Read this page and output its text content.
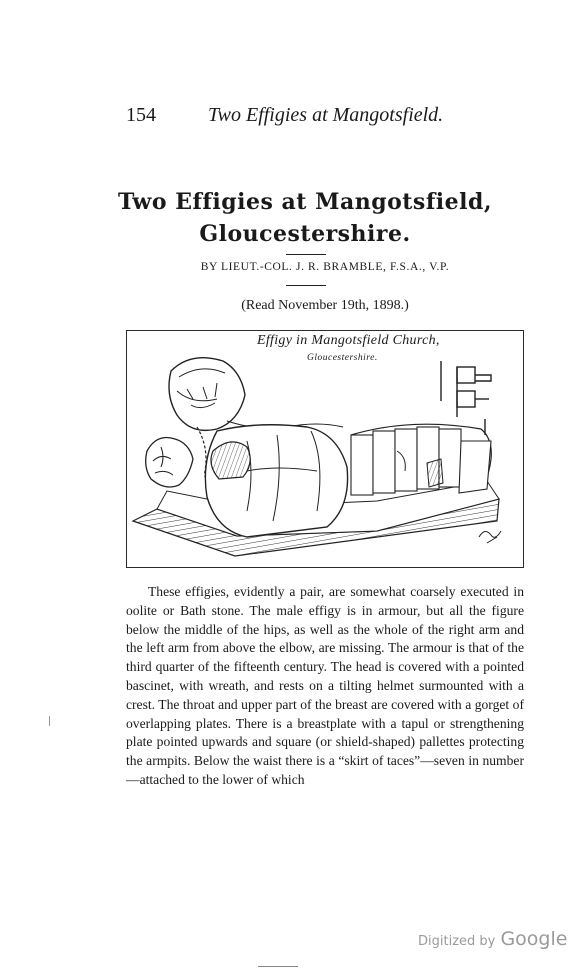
154	Two Effigies at Mangotsfield.
Two Effigies at Mangotsfield,
Gloucestershire.
BY LIEUT.-COL. J. R. BRAMBLE, F.S.A., V.P.
(Read November 19th, 1898.)
Effigy in Mangotsfield Church,
Gloucestershire.

These effigies, evidently a pair, are somewhat coarsely executed in oolite or Bath stone. The male effigy is in armour, but all the figure below the middle of the hips, as well as the whole of the right arm and the left arm from above the elbow, are missing. The armour is that of the third quarter of the fifteenth century. The head is covered with a pointed bascinet, with wreath, and rests on a tilting helmet surmounted with a crest. The throat and upper part of the breast are covered with a gorget of overlapping plates. There is a breastplate with a tapul or strengthening plate pointed upwards and square (or shield-shaped) pallettes protecting the armpits. Below the waist there is a “skirt of taces”—seven in number—attached to the lower of which

Digitized by Google
